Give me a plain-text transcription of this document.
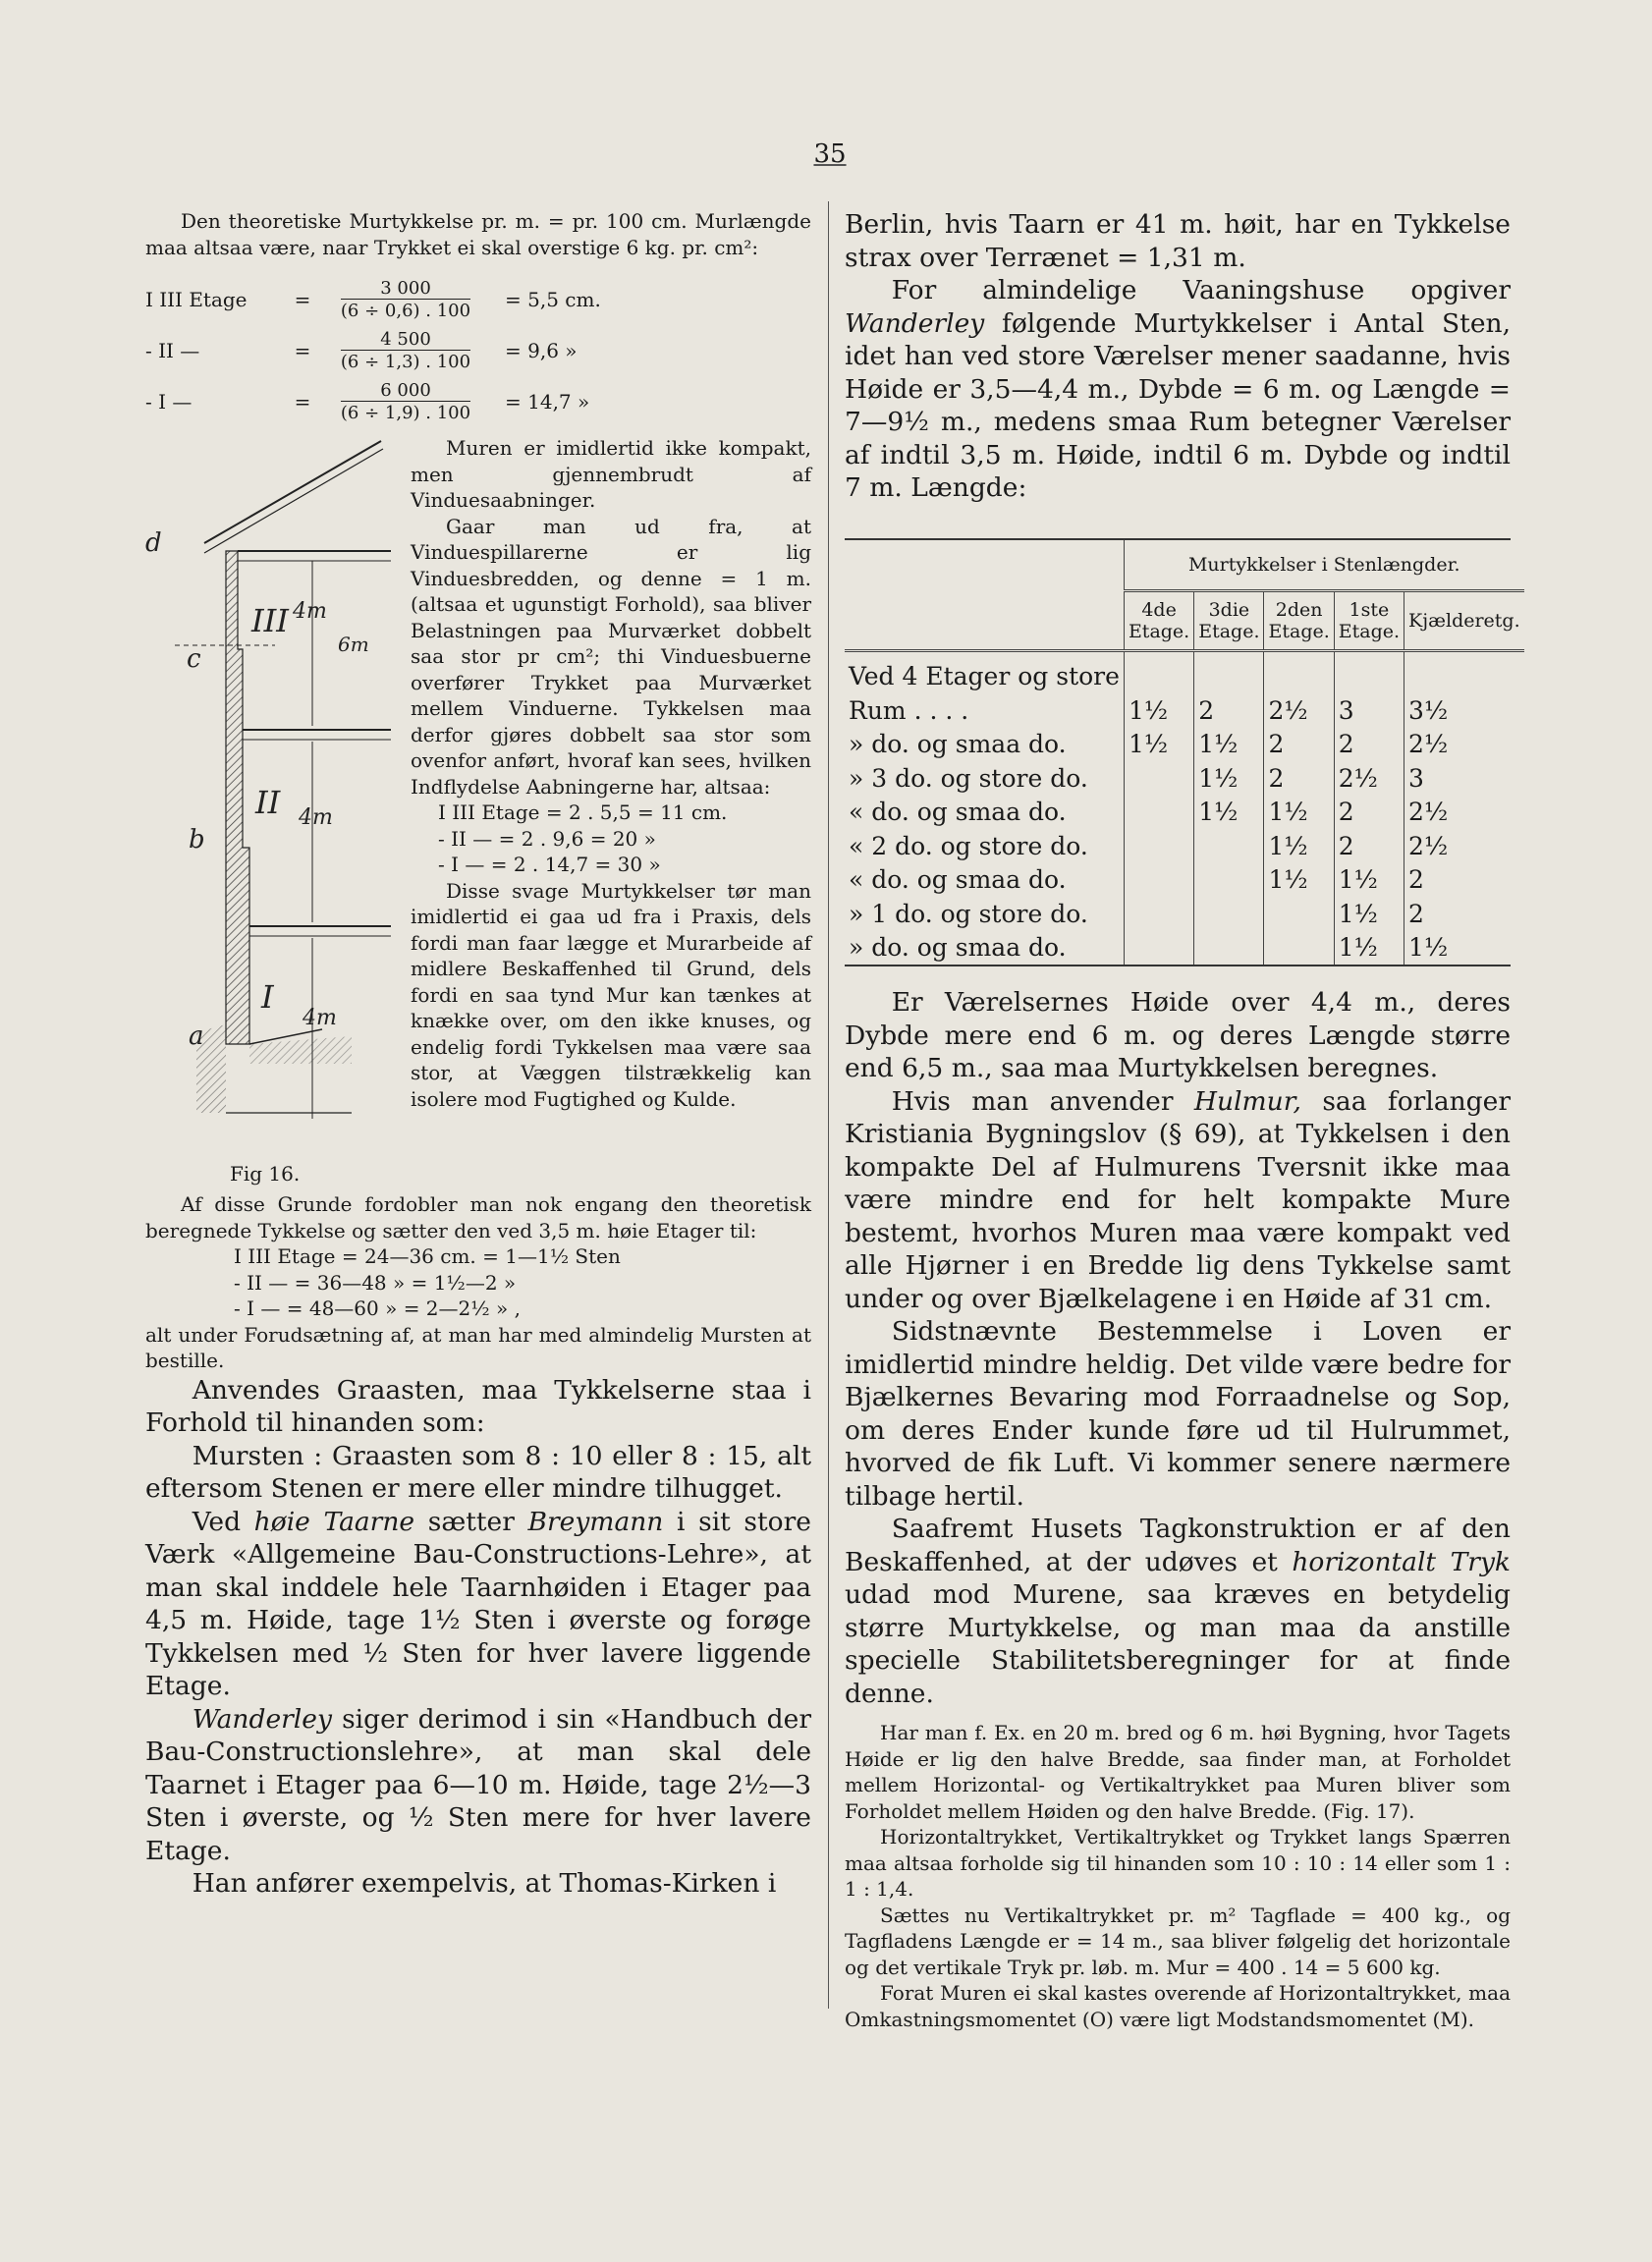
35

Den theoretiske Murtykkelse pr. m. = pr. 100 cm. Murlængde maa altsaa være, naar Trykket ei skal overstige 6 kg. pr. cm²:

I III Etage	= $\frac{3 000}{(6 \div 0,6) . 100} = 5,5$ cm.
- II —	= $\frac{4 500}{(6 \div 1,3) . 100} = 9,6$ »
- I —	= $\frac{6 000}{(6 \div 1,9) . 100} = 14,7$ »
d
c
b
a
III
II
I
4m
4m
4m
6m
Fig 16.

Muren er imidlertid ikke kompakt, men gjennembrudt af Vinduesaabninger.

Gaar man ud fra, at Vinduespillarerne er lig Vinduesbredden, og denne = 1 m. (altsaa et ugunstigt Forhold), saa bliver Belastningen paa Murværket dobbelt saa stor pr cm²; thi Vinduesbuerne overfører Trykket paa Murværket mellem Vinduerne. Tykkelsen maa derfor gjøres dobbelt saa stor som ovenfor anført, hvoraf kan sees, hvilken Indflydelse Aabningerne har, altsaa:

I III Etage = 2 . 5,5 = 11 cm.

- II — = 2 . 9,6 = 20 »

- I — = 2 . 14,7 = 30 »

Disse svage Murtykkelser tør man imidlertid ei gaa ud fra i Praxis, dels fordi man faar lægge et Murarbeide af midlere Beskaffenhed til Grund, dels fordi en saa tynd Mur kan tænkes at knække over, om den ikke knuses, og endelig fordi Tykkelsen maa være saa stor, at Væggen tilstrækkelig kan isolere mod Fugtighed og Kulde.

Af disse Grunde fordobler man nok engang den theoretisk beregnede Tykkelse og sætter den ved 3,5 m. høie Etager til:

I III Etage = 24—36 cm. = 1—1½ Sten
- II — = 36—48 » = 1½—2 »
- I — = 48—60 » = 2—2½ » ,

alt under Forudsætning af, at man har med almindelig Mursten at bestille.

Anvendes Graasten, maa Tykkelserne staa i Forhold til hinanden som:

Mursten : Graasten som 8 : 10 eller 8 : 15, alt eftersom Stenen er mere eller mindre tilhugget.

Ved høie Taarne sætter Breymann i sit store Værk «Allgemeine Bau-Constructions-Lehre», at man skal inddele hele Taarnhøiden i Etager paa 4,5 m. Høide, tage 1½ Sten i øverste og forøge Tykkelsen med ½ Sten for hver lavere liggende Etage.

Wanderley siger derimod i sin «Handbuch der Bau-Constructionslehre», at man skal dele Taarnet i Etager paa 6—10 m. Høide, tage 2½—3 Sten i øverste, og ½ Sten mere for hver lavere Etage.

Han anfører exempelvis, at Thomas-Kirken i

Berlin, hvis Taarn er 41 m. høit, har en Tykkelse strax over Terrænet = 1,31 m.

For almindelige Vaaningshuse opgiver Wanderley følgende Murtykkelser i Antal Sten, idet han ved store Værelser mener saadanne, hvis Høide er 3,5—4,4 m., Dybde = 6 m. og Længde = 7—9½ m., medens smaa Rum betegner Værelser af indtil 3,5 m. Høide, indtil 6 m. Dybde og indtil 7 m. Længde:

	Murtykkelser i Stenlængder.				
	4de Etage.	3die Etage.	2den Etage.	1ste Etage.	Kjælderetg.
Ved 4 Etager og store					
Rum . . . .	1½	2	2½	3	3½
» do. og smaa do.	1½	1½	2	2	2½
» 3 do. og store do.		1½	2	2½	3
« do. og smaa do.		1½	1½	2	2½
« 2 do. og store do.			1½	2	2½
« do. og smaa do.			1½	1½	2
» 1 do. og store do.				1½	2
» do. og smaa do.				1½	1½

Er Værelsernes Høide over 4,4 m., deres Dybde mere end 6 m. og deres Længde større end 6,5 m., saa maa Murtykkelsen beregnes.

Hvis man anvender Hulmur, saa forlanger Kristiania Bygningslov (§ 69), at Tykkelsen i den kompakte Del af Hulmurens Tversnit ikke maa være mindre end for helt kompakte Mure bestemt, hvorhos Muren maa være kompakt ved alle Hjørner i en Bredde lig dens Tykkelse samt under og over Bjælkelagene i en Høide af 31 cm.

Sidstnævnte Bestemmelse i Loven er imidlertid mindre heldig. Det vilde være bedre for Bjælkernes Bevaring mod Forraadnelse og Sop, om deres Ender kunde føre ud til Hulrummet, hvorved de fik Luft. Vi kommer senere nærmere tilbage hertil.

Saafremt Husets Tagkonstruktion er af den Beskaffenhed, at der udøves et horizontalt Tryk udad mod Murene, saa kræves en betydelig større Murtykkelse, og man maa da anstille specielle Stabilitetsberegninger for at finde denne.

Har man f. Ex. en 20 m. bred og 6 m. høi Bygning, hvor Tagets Høide er lig den halve Bredde, saa finder man, at Forholdet mellem Horizontal- og Vertikaltrykket paa Muren bliver som Forholdet mellem Høiden og den halve Bredde. (Fig. 17).

Horizontaltrykket, Vertikaltrykket og Trykket langs Spærren maa altsaa forholde sig til hinanden som 10 : 10 : 14 eller som 1 : 1 : 1,4.

Sættes nu Vertikaltrykket pr. m² Tagflade = 400 kg., og Tagfladens Længde er = 14 m., saa bliver følgelig det horizontale og det vertikale Tryk pr. løb. m. Mur = 400 . 14 = 5 600 kg.

Forat Muren ei skal kastes overende af Horizontaltrykket, maa Omkastningsmomentet (O) være ligt Modstandsmomentet (M).
